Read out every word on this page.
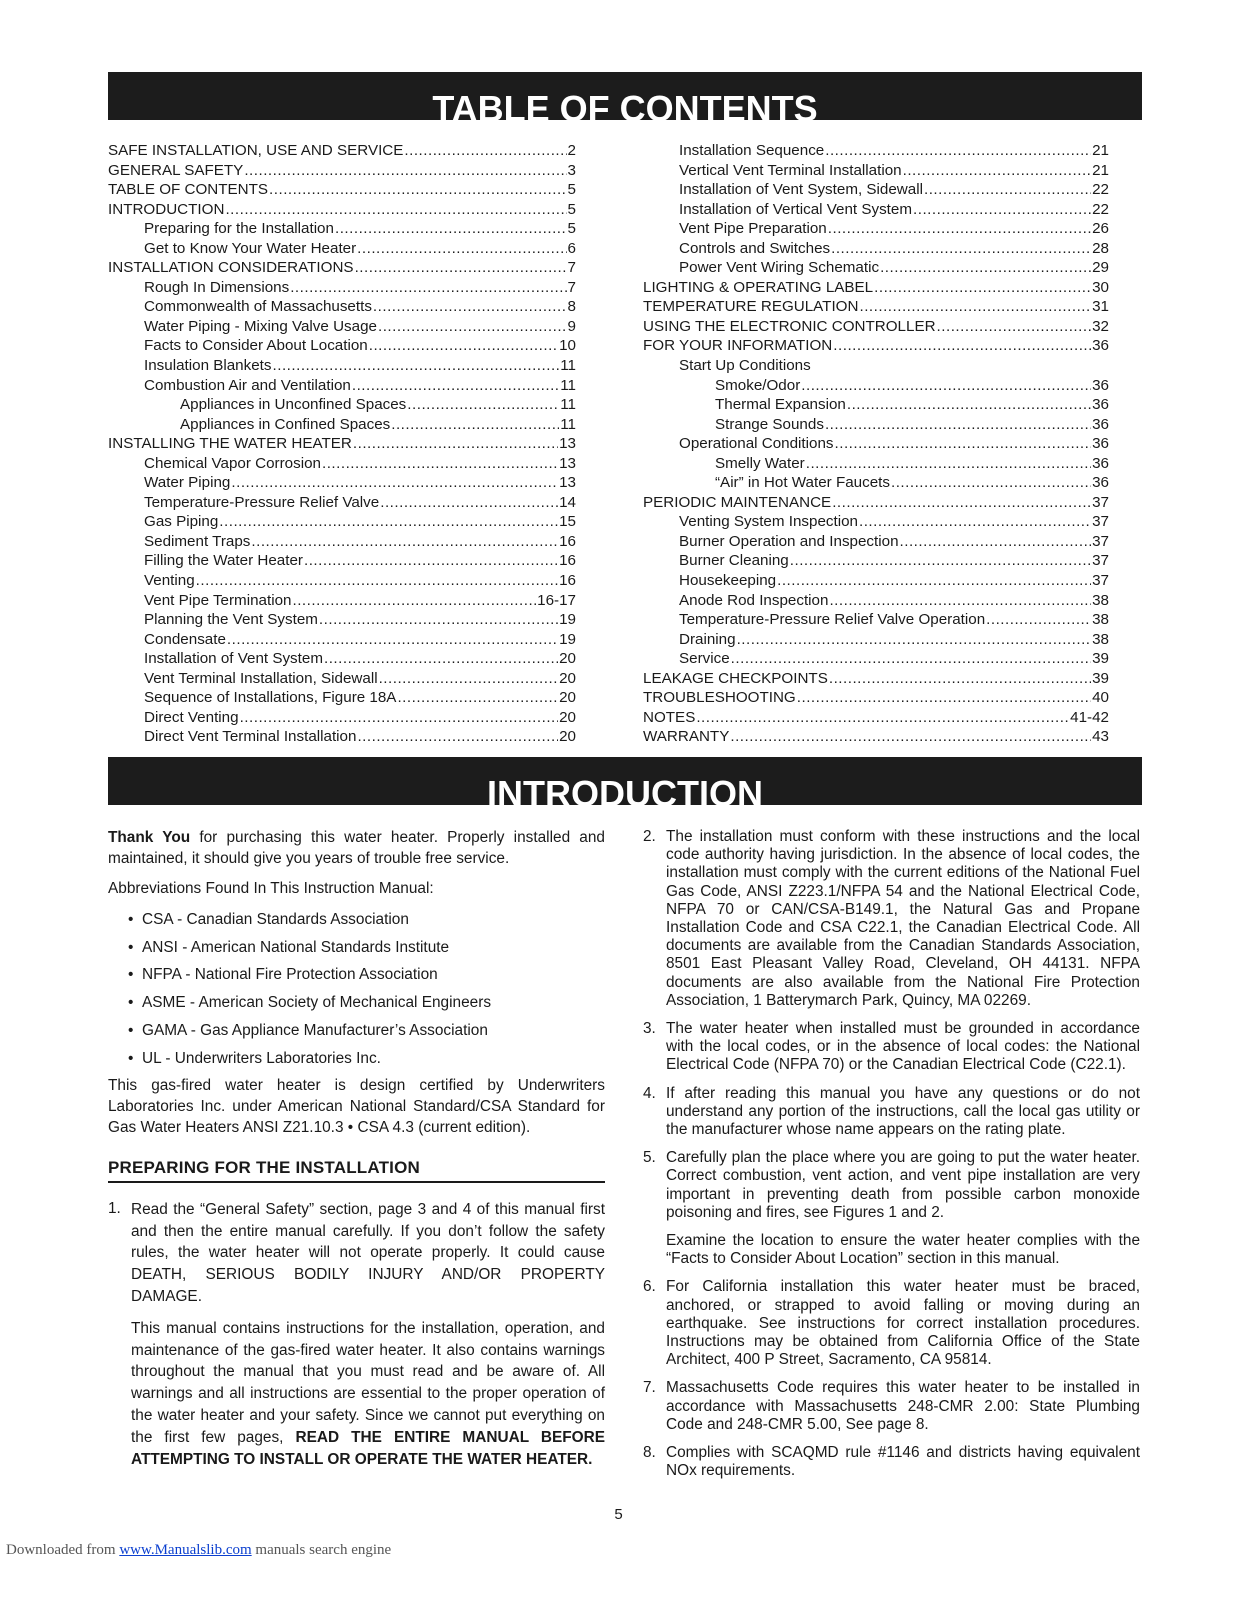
TABLE OF CONTENTS
SAFE INSTALLATION, USE AND SERVICE .....	2
GENERAL SAFETY .....	3
TABLE OF CONTENTS .....	5
INTRODUCTION .....	5
Preparing for the Installation .....	5
Get to Know Your Water Heater .....	6
INSTALLATION CONSIDERATIONS .....	7
Rough In Dimensions .....	7
Commonwealth of Massachusetts .....	8
Water Piping - Mixing Valve Usage .....	9
Facts to Consider About Location .....	10
Insulation Blankets .....	11
Combustion Air and Ventilation .....	11
Appliances in Unconfined Spaces .....	11
Appliances in Confined Spaces .....	11
INSTALLING THE WATER HEATER .....	13
Chemical Vapor Corrosion .....	13
Water Piping .....	13
Temperature-Pressure Relief Valve .....	14
Gas Piping .....	15
Sediment Traps .....	16
Filling the Water Heater .....	16
Venting .....	16
Vent Pipe Termination .....	16-17
Planning the Vent System .....	19
Condensate .....	19
Installation of Vent System .....	20
Vent Terminal Installation, Sidewall .....	20
Sequence of Installations, Figure 18A .....	20
Direct Venting .....	20
Direct Vent Terminal Installation .....	20
Installation Sequence .....	21
Vertical Vent Terminal Installation .....	21
Installation of Vent System, Sidewall .....	22
Installation of Vertical Vent System .....	22
Vent Pipe Preparation .....	26
Controls and Switches .....	28
Power Vent Wiring Schematic .....	29
LIGHTING & OPERATING LABEL .....	30
TEMPERATURE REGULATION .....	31
USING THE ELECTRONIC CONTROLLER .....	32
FOR YOUR INFORMATION .....	36
Start Up Conditions
Smoke/Odor .....	36
Thermal Expansion .....	36
Strange Sounds .....	36
Operational Conditions .....	36
Smelly Water .....	36
“Air” in Hot Water Faucets .....	36
PERIODIC MAINTENANCE .....	37
Venting System Inspection .....	37
Burner Operation and Inspection .....	37
Burner Cleaning .....	37
Housekeeping .....	37
Anode Rod Inspection .....	38
Temperature-Pressure Relief Valve Operation .....	38
Draining .....	38
Service .....	39
LEAKAGE CHECKPOINTS .....	39
TROUBLESHOOTING .....	40
NOTES .....	41-42
WARRANTY .....	43
INTRODUCTION

Thank You for purchasing this water heater. Properly installed and maintained, it should give you years of trouble free service.

Abbreviations Found In This Instruction Manual:

• CSA - Canadian Standards Association
• ANSI - American National Standards Institute
• NFPA - National Fire Protection Association
• ASME - American Society of Mechanical Engineers
• GAMA - Gas Appliance Manufacturer’s Association
• UL - Underwriters Laboratories Inc.

This gas-fired water heater is design certified by Underwriters Laboratories Inc. under American National Standard/CSA Standard for Gas Water Heaters ANSI Z21.10.3 • CSA 4.3 (current edition).

PREPARING FOR THE INSTALLATION
1. Read the “General Safety” section, page 3 and 4 of this manual first and then the entire manual carefully. If you don’t follow the safety rules, the water heater will not operate properly. It could cause DEATH, SERIOUS BODILY INJURY AND/OR PROPERTY DAMAGE.

This manual contains instructions for the installation, operation, and maintenance of the gas-fired water heater. It also contains warnings throughout the manual that you must read and be aware of. All warnings and all instructions are essential to the proper operation of the water heater and your safety. Since we cannot put everything on the first few pages, READ THE ENTIRE MANUAL BEFORE ATTEMPTING TO INSTALL OR OPERATE THE WATER HEATER.

2. The installation must conform with these instructions and the local code authority having jurisdiction. In the absence of local codes, the installation must comply with the current editions of the National Fuel Gas Code, ANSI Z223.1/NFPA 54 and the National Electrical Code, NFPA 70 or CAN/CSA-B149.1, the Natural Gas and Propane Installation Code and CSA C22.1, the Canadian Electrical Code. All documents are available from the Canadian Standards Association, 8501 East Pleasant Valley Road, Cleveland, OH 44131. NFPA documents are also available from the National Fire Protection Association, 1 Batterymarch Park, Quincy, MA 02269.

3. The water heater when installed must be grounded in accordance with the local codes, or in the absence of local codes: the National Electrical Code (NFPA 70) or the Canadian Electrical Code (C22.1).

4. If after reading this manual you have any questions or do not understand any portion of the instructions, call the local gas utility or the manufacturer whose name appears on the rating plate.

5. Carefully plan the place where you are going to put the water heater. Correct combustion, vent action, and vent pipe installation are very important in preventing death from possible carbon monoxide poisoning and fires, see Figures 1 and 2.

Examine the location to ensure the water heater complies with the “Facts to Consider About Location” section in this manual.

6. For California installation this water heater must be braced, anchored, or strapped to avoid falling or moving during an earthquake. See instructions for correct installation procedures. Instructions may be obtained from California Office of the State Architect, 400 P Street, Sacramento, CA 95814.

7. Massachusetts Code requires this water heater to be installed in accordance with Massachusetts 248-CMR 2.00: State Plumbing Code and 248-CMR 5.00, See page 8.

8. Complies with SCAQMD rule #1146 and districts having equivalent NOx requirements.

5
Downloaded from www.Manualslib.com manuals search engine
